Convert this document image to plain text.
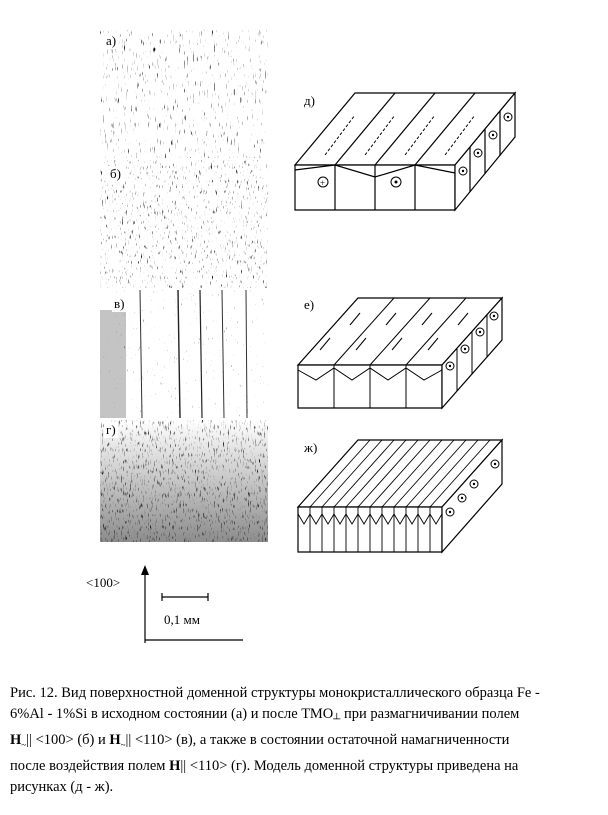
а)
б)
в)
г)
д)
+
е)
ж)
<100>
0,1 мм
Рис. 12. Вид поверхностной доменной структуры монокристаллического образца Fe -
6%Al - 1%Si в исходном состоянии (а) и после $ТМО_┴$ при размагничивании полем
$H_\sim|| <100> (б)$ и $H_\sim|| <110> (в)$, а также в состоянии остаточной намагниченности
после воздействия полем H|| <110> (г). Модель доменной структуры приведена на
рисунках (д - ж).
